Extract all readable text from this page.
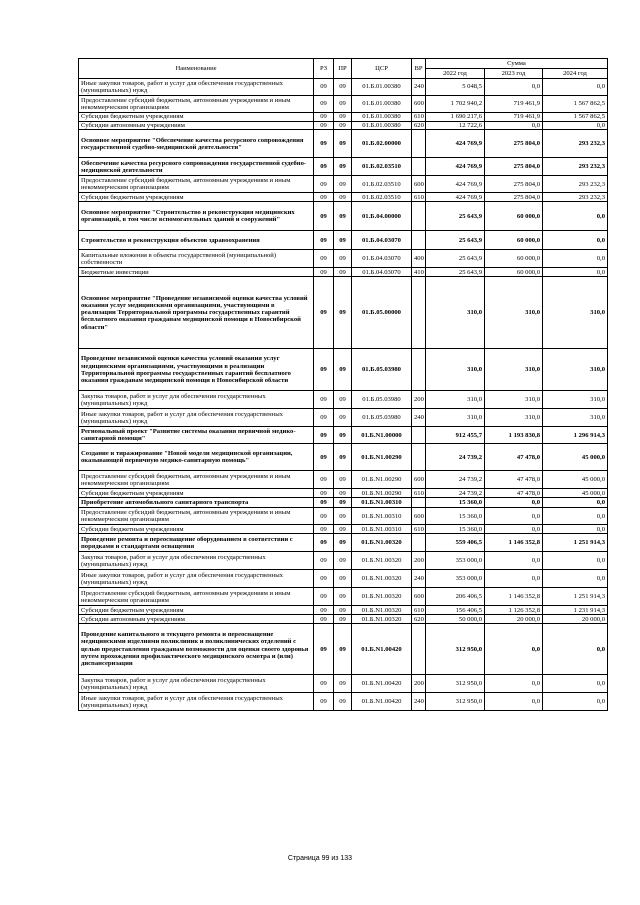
Наименование	РЗ	ПР	ЦСР	ВР	Сумма		
					2022 год	2023 год	2024 год
Иные закупки товаров, работ и услуг для обеспечения государственных (муниципальных) нужд	09	09	01.Б.01.00380	240	5 048,5	0,0	0,0
Предоставление субсидий бюджетным, автономным учреждениям и иным некоммерческим организациям	09	09	01.Б.01.00380	600	1 702 940,2	719 461,9	1 567 862,5
Субсидии бюджетным учреждениям	09	09	01.Б.01.00380	610	1 690 217,6	719 461,9	1 567 862,5
Субсидии автономным учреждениям	09	09	01.Б.01.00380	620	12 722,6	0,0	0,0
Основное мероприятие "Обеспечение качества ресурсного сопровождения государственной судебно-медицинской деятельности"	09	09	01.Б.02.00000		424 769,9	275 804,0	293 232,3
Обеспечение качества ресурсного сопровождения государственной судебно-медицинской деятельности	09	09	01.Б.02.03510		424 769,9	275 804,0	293 232,3
Предоставление субсидий бюджетным, автономным учреждениям и иным некоммерческим организациям	09	09	01.Б.02.03510	600	424 769,9	275 804,0	293 232,3
Субсидии бюджетным учреждениям	09	09	01.Б.02.03510	610	424 769,9	275 804,0	293 232,3
Основное мероприятие "Строительство и реконструкция медицинских организаций, в том числе вспомогательных зданий и сооружений"	09	09	01.Б.04.00000		25 643,9	60 000,0	0,0
Строительство и реконструкция объектов здравоохранения	09	09	01.Б.04.03070		25 643,9	60 000,0	0,0
Капитальные вложения в объекты государственной (муниципальной) собственности	09	09	01.Б.04.03070	400	25 643,9	60 000,0	0,0
Бюджетные инвестиции	09	09	01.Б.04.03070	410	25 643,9	60 000,0	0,0
Основное мероприятие "Проведение независимой оценки качества условий оказания услуг медицинскими организациями, участвующими в реализации Территориальной программы государственных гарантий бесплатного оказания гражданам медицинской помощи в Новосибирской области"	09	09	01.Б.05.00000		310,0	310,0	310,0
Проведение независимой оценки качества условий оказания услуг медицинскими организациями, участвующими в реализации Территориальной программы государственных гарантий бесплатного оказания гражданам медицинской помощи в Новосибирской области	09	09	01.Б.05.03980		310,0	310,0	310,0
Закупка товаров, работ и услуг для обеспечения государственных (муниципальных) нужд	09	09	01.Б.05.03980	200	310,0	310,0	310,0
Иные закупки товаров, работ и услуг для обеспечения государственных (муниципальных) нужд	09	09	01.Б.05.03980	240	310,0	310,0	310,0
Региональный проект "Развитие системы оказания первичной медико-санитарной помощи"	09	09	01.Б.N1.00000		912 455,7	1 193 830,8	1 296 914,3
Создание и тиражирование "Новой модели медицинской организации, оказывающей первичную медико-санитарную помощь"	09	09	01.Б.N1.00290		24 739,2	47 478,0	45 000,0
Предоставление субсидий бюджетным, автономным учреждениям и иным некоммерческим организациям	09	09	01.Б.N1.00290	600	24 739,2	47 478,0	45 000,0
Субсидии бюджетным учреждениям	09	09	01.Б.N1.00290	610	24 739,2	47 478,0	45 000,0
Приобретение автомобильного санитарного транспорта	09	09	01.Б.N1.00310		15 360,0	0,0	0,0
Предоставление субсидий бюджетным, автономным учреждениям и иным некоммерческим организациям	09	09	01.Б.N1.00310	600	15 360,0	0,0	0,0
Субсидии бюджетным учреждениям	09	09	01.Б.N1.00310	610	15 360,0	0,0	0,0
Проведение ремонта и переоснащение оборудованием в соответствии с порядками и стандартами оснащения	09	09	01.Б.N1.00320		559 406,5	1 146 352,8	1 251 914,3
Закупка товаров, работ и услуг для обеспечения государственных (муниципальных) нужд	09	09	01.Б.N1.00320	200	353 000,0	0,0	0,0
Иные закупки товаров, работ и услуг для обеспечения государственных (муниципальных) нужд	09	09	01.Б.N1.00320	240	353 000,0	0,0	0,0
Предоставление субсидий бюджетным, автономным учреждениям и иным некоммерческим организациям	09	09	01.Б.N1.00320	600	206 406,5	1 146 352,8	1 251 914,3
Субсидии бюджетным учреждениям	09	09	01.Б.N1.00320	610	156 406,5	1 126 352,8	1 231 914,3
Субсидии автономным учреждениям	09	09	01.Б.N1.00320	620	50 000,0	20 000,0	20 000,0
Проведение капитального и текущего ремонта и переоснащение медицинскими изделиями поликлиник и поликлинических отделений с целью предоставления гражданам возможности для оценки своего здоровья путем прохождения профилактического медицинского осмотра и (или) диспансеризации	09	09	01.Б.N1.00420		312 950,0	0,0	0,0
Закупка товаров, работ и услуг для обеспечения государственных (муниципальных) нужд	09	09	01.Б.N1.00420	200	312 950,0	0,0	0,0
Иные закупки товаров, работ и услуг для обеспечения государственных (муниципальных) нужд	09	09	01.Б.N1.00420	240	312 950,0	0,0	0,0
Страница 99 из 133
